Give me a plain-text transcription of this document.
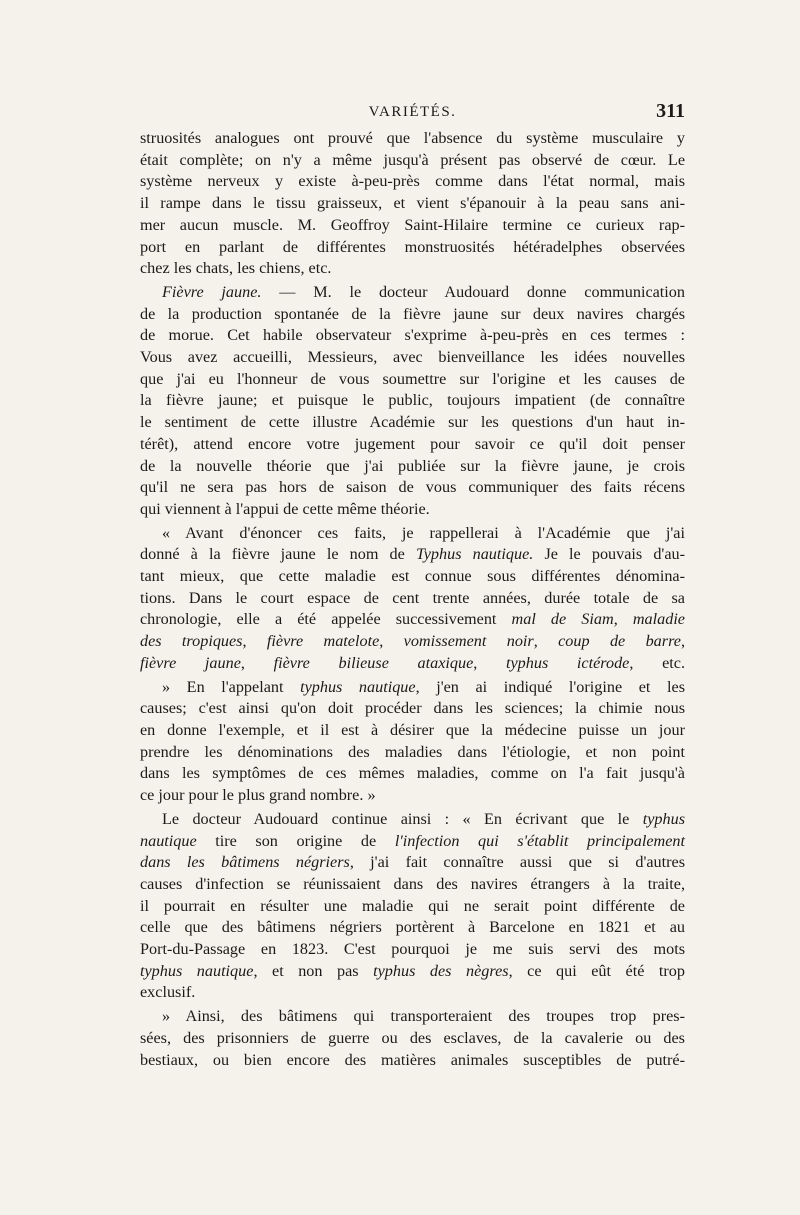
VARIÉTÉS.	311
struosités analogues ont prouvé que l'absence du système musculaire y
était complète; on n'y a même jusqu'à présent pas observé de cœur. Le
système nerveux y existe à-peu-près comme dans l'état normal, mais
il rampe dans le tissu graisseux, et vient s'épanouir à la peau sans ani-
mer aucun muscle. M. Geoffroy Saint-Hilaire termine ce curieux rap-
port en parlant de différentes monstruosités hétéradelphes observées
chez les chats, les chiens, etc.
Fièvre jaune. — M. le docteur Audouard donne communication
de la production spontanée de la fièvre jaune sur deux navires chargés
de morue. Cet habile observateur s'exprime à-peu-près en ces termes :
Vous avez accueilli, Messieurs, avec bienveillance les idées nouvelles
que j'ai eu l'honneur de vous soumettre sur l'origine et les causes de
la fièvre jaune; et puisque le public, toujours impatient (de connaître
le sentiment de cette illustre Académie sur les questions d'un haut in-
térêt), attend encore votre jugement pour savoir ce qu'il doit penser
de la nouvelle théorie que j'ai publiée sur la fièvre jaune, je crois
qu'il ne sera pas hors de saison de vous communiquer des faits récens
qui viennent à l'appui de cette même théorie.
« Avant d'énoncer ces faits, je rappellerai à l'Académie que j'ai
donné à la fièvre jaune le nom de Typhus nautique. Je le pouvais d'au-
tant mieux, que cette maladie est connue sous différentes dénomina-
tions. Dans le court espace de cent trente années, durée totale de sa
chronologie, elle a été appelée successivement mal de Siam, maladie
des tropiques, fièvre matelote, vomissement noir, coup de barre,
fièvre jaune, fièvre bilieuse ataxique, typhus ictérode, etc.
» En l'appelant typhus nautique, j'en ai indiqué l'origine et les
causes; c'est ainsi qu'on doit procéder dans les sciences; la chimie nous
en donne l'exemple, et il est à désirer que la médecine puisse un jour
prendre les dénominations des maladies dans l'étiologie, et non point
dans les symptômes de ces mêmes maladies, comme on l'a fait jusqu'à
ce jour pour le plus grand nombre. »
Le docteur Audouard continue ainsi : « En écrivant que le typhus
nautique tire son origine de l'infection qui s'établit principalement
dans les bâtimens négriers, j'ai fait connaître aussi que si d'autres
causes d'infection se réunissaient dans des navires étrangers à la traite,
il pourrait en résulter une maladie qui ne serait point différente de
celle que des bâtimens négriers portèrent à Barcelone en 1821 et au
Port-du-Passage en 1823. C'est pourquoi je me suis servi des mots
typhus nautique, et non pas typhus des nègres, ce qui eût été trop
exclusif.
» Ainsi, des bâtimens qui transporteraient des troupes trop pres-
sées, des prisonniers de guerre ou des esclaves, de la cavalerie ou des
bestiaux, ou bien encore des matières animales susceptibles de putré-
